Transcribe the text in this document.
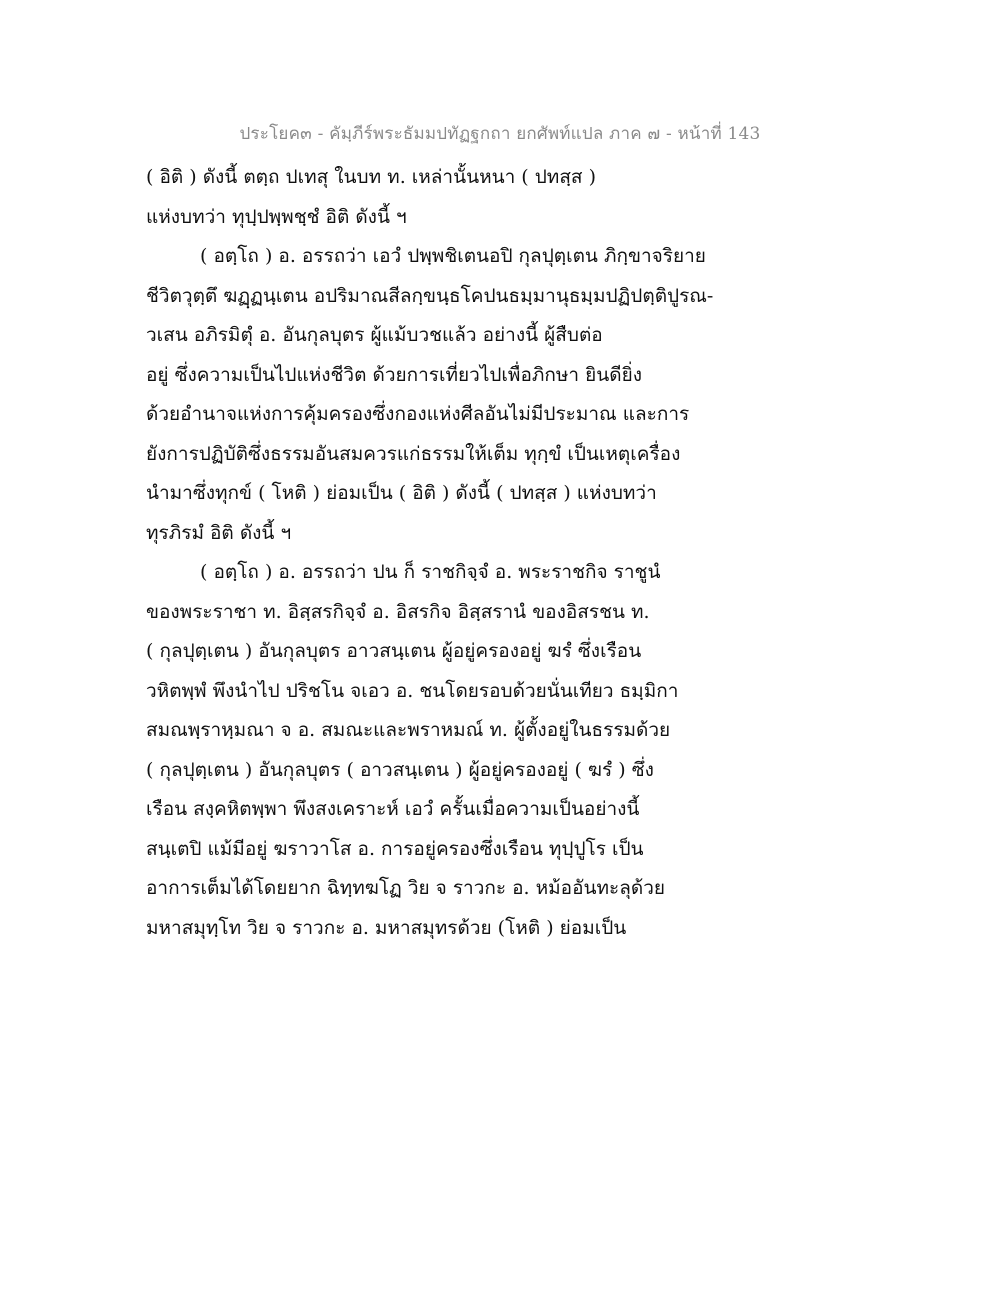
ประโยค๓ - คัมฺภีร์พระธัมมปทัฏฐกถา ยกศัพท์แปล ภาค ๗ - หน้าที่ 143
( อิติ ) ดังนี้ ตตฺถ ปเทสุ ในบท ท. เหล่านั้นหนา ( ปทสฺส )
แห่งบทว่า ทุปฺปพฺพชฺชํ อิติ ดังนี้ ฯ
( อตฺโถ ) อ. อรรถว่า เอวํ ปพฺพชิเตนอปิ กุลปุตฺเตน ภิกฺขาจริยาย
ชีวิตวุตฺตึ ฆฏฺฏนฺเตน อปริมาณสีลกฺขนฺธโคปนธมฺมานุธมฺมปฏิปตฺติปูรณ-
วเสน อภิรมิตุํ อ. อันกุลบุตร ผู้แม้บวชแล้ว อย่างนี้ ผู้สืบต่อ
อยู่ ซึ่งความเป็นไปแห่งชีวิต ด้วยการเที่ยวไปเพื่อภิกษา ยินดียิ่ง
ด้วยอำนาจแห่งการคุ้มครองซึ่งกองแห่งศีลอันไม่มีประมาณ และการ
ยังการปฏิบัติซึ่งธรรมอันสมควรแก่ธรรมให้เต็ม ทุกฺขํ เป็นเหตุเครื่อง
นำมาซึ่งทุกข์ ( โหติ ) ย่อมเป็น ( อิติ ) ดังนี้ ( ปทสฺส ) แห่งบทว่า
ทุรภิรมํ อิติ ดังนี้ ฯ
( อตฺโถ ) อ. อรรถว่า ปน ก็ ราชกิจฺจํ อ. พระราชกิจ ราชูนํ
ของพระราชา ท. อิสฺสรกิจฺจํ อ. อิสรกิจ อิสฺสรานํ ของอิสรชน ท.
( กุลปุตฺเตน ) อันกุลบุตร อาวสนฺเตน ผู้อยู่ครองอยู่ ฆรํ ซึ่งเรือน
วหิตพฺพํ พึงนำไป ปริชโน จเอว อ. ชนโดยรอบด้วยนั่นเทียว ธมฺมิกา
สมณพฺราหฺมณา จ อ. สมณะและพราหมณ์ ท. ผู้ตั้งอยู่ในธรรมด้วย
( กุลปุตฺเตน ) อันกุลบุตร ( อาวสนฺเตน ) ผู้อยู่ครองอยู่ ( ฆรํ ) ซึ่ง
เรือน สงฺคหิตพฺพา พึงสงเคราะห์ เอวํ ครั้นเมื่อความเป็นอย่างนี้
สนฺเตปิ แม้มีอยู่ ฆราวาโส อ. การอยู่ครองซึ่งเรือน ทุปฺปูโร เป็น
อาการเต็มได้โดยยาก ฉิทฺทฆโฏ วิย จ ราวกะ อ. หม้ออันทะลุด้วย
มหาสมุทฺโท วิย จ ราวกะ อ. มหาสมุทรด้วย (โหติ ) ย่อมเป็น
